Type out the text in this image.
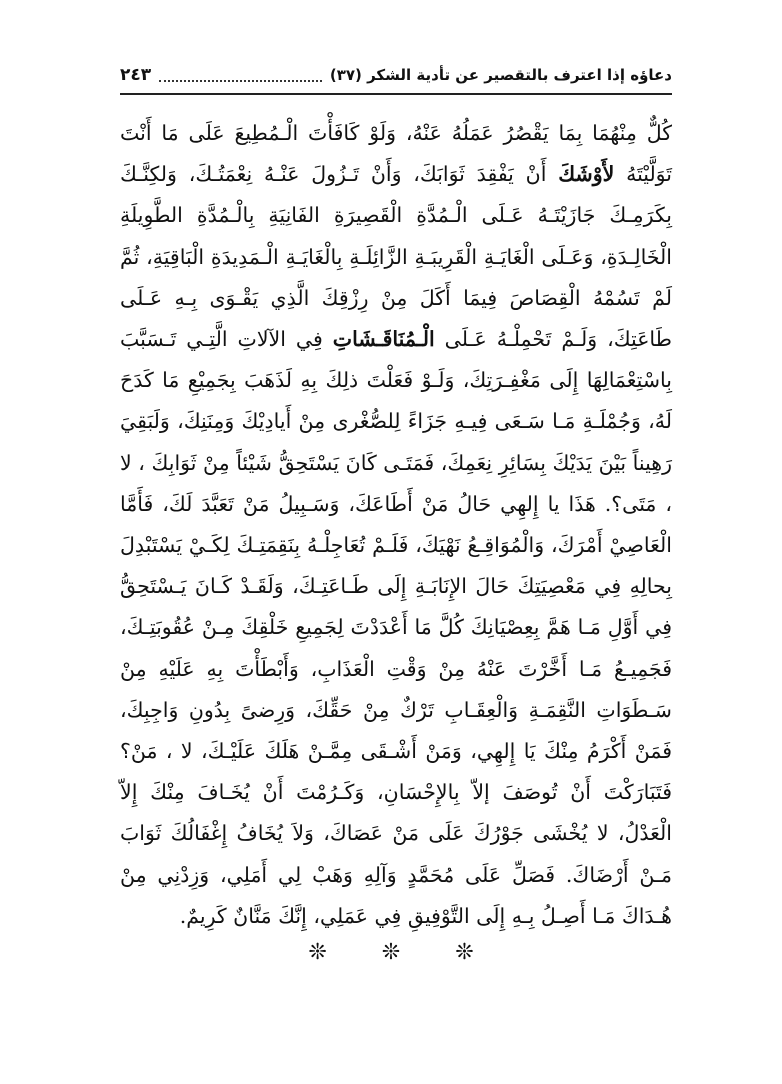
دعاؤه إذا اعترف بالتقصير عن تأدية الشكر (٣٧)
٢٤٣

كُلٌّ مِنْهُمَا بِمَا يَقْصُرُ عَمَلُهُ عَنْهُ، وَلَوْ كَافَأْتَ الْـمُطِيعَ عَلَى مَا أَنْتَ تَوَلَّيْتَهُ لأَوْشَكَ أَنْ يَفْقِدَ ثَوَابَكَ، وَأَنْ تَـزُولَ عَنْـهُ نِعْمَتُـكَ، وَلكِنَّـكَ بِكَرَمِـكَ جَازَيْتَـهُ عَـلَى الْـمُدَّةِ الْقَصِيرَةِ الفَانِيَةِ بِالْـمُدَّةِ الطَّوِيلَةِ الْخَالِـدَةِ، وَعَـلَى الْغَايَـةِ الْقَرِيبَـةِ الزَّائِلَـةِ بِالْغَايَـةِ الْـمَدِيدَةِ الْبَاقِيَةِ، ثُمَّ لَمْ تَسُمْهُ الْقِصَاصَ فِيمَا أَكَلَ مِنْ رِزْقِكَ الَّذِي يَقْـوَى بِـهِ عَـلَى طَاعَتِكَ، وَلَـمْ تَحْمِلْـهُ عَـلَى الْـمُنَاقَـشَاتِ فِي الآلاتِ الَّتِـي تَـسَبَّبَ بِاسْتِعْمَالِهَا إِلَى مَغْفِـرَتِكَ، وَلَـوْ فَعَلْتَ ذلِكَ بِهِ لَذَهَبَ بِجَمِيْعِ مَا كَدَحَ لَهُ، وَجُمْلَـةِ مَـا سَـعَى فِيـهِ جَزَاءً لِلصُّغْرى مِنْ أَيادِيْكَ وَمِنَنِكَ، وَلَبَقِيَ رَهِيناً بَيْنَ يَدَيْكَ بِسَائِرِ نِعَمِكَ، فَمَتَـى كَانَ يَسْتَحِقُّ شَيْئاً مِنْ ثَوَابِكَ ، لا ، مَتَى؟. هَذَا يا إِلهِي حَالُ مَنْ أَطَاعَكَ، وَسَـبِيلُ مَنْ تَعَبَّدَ لَكَ، فَأَمَّا الْعَاصِيْ أَمْرَكَ، وَالْمُوَاقِـعُ نَهْيَكَ، فَلَـمْ تُعَاجِلْـهُ بِنَقِمَتِـكَ لِكَـيْ يَسْتَبْدِلَ بِحالِهِ فِي مَعْصِيَتِكَ حَالَ الإِنَابَـةِ إِلَى طَـاعَتِـكَ، وَلَقَـدْ كَـانَ يَـسْتَحِقُّ فِي أَوَّلِ مَـا هَمَّ بِعِصْيَانِكَ كُلَّ مَا أَعْدَدْتَ لِجَمِيعِ خَلْقِكَ مِـنْ عُقُوبَتِـكَ، فَجَمِيـعُ مَـا أَخَّرْتَ عَنْهُ مِنْ وَقْتِ الْعَذَابِ، وَأَبْطَأْتَ بِهِ عَلَيْهِ مِنْ سَـطَوَاتِ النَّقِمَـةِ وَالْعِقَـابِ تَرْكٌ مِنْ حَقِّكَ، وَرِضىً بِدُونِ وَاجِبِكَ، فَمَنْ أَكْرَمُ مِنْكَ يَا إِلهِي، وَمَنْ أَشْـقَى مِمَّـنْ هَلَكَ عَلَيْـكَ، لا ، مَنْ؟ فَتَبَارَكْتَ أَنْ تُوصَفَ إلاّ بِالإِحْسَانِ، وَكَـرُمْتَ أَنْ يُخَـافَ مِنْكَ إِلاّ الْعَدْلُ، لا يُخْشَى جَوْرُكَ عَلَى مَنْ عَصَاكَ، وَلاَ يُخَافُ إِغْفَالُكَ ثَوَابَ مَـنْ أَرْضَاكَ. فَصَلِّ عَلَى مُحَمَّدٍ وَآلِهِ وَهَبْ لِي أَمَلِي، وَزِدْنِي مِنْ هُـدَاكَ مَـا أَصِـلُ بِـهِ إِلَى التَّوْفِيقِ فِي عَمَلِي، إِنَّكَ مَنَّانٌ كَرِيمٌ.

❊ ❊ ❊
